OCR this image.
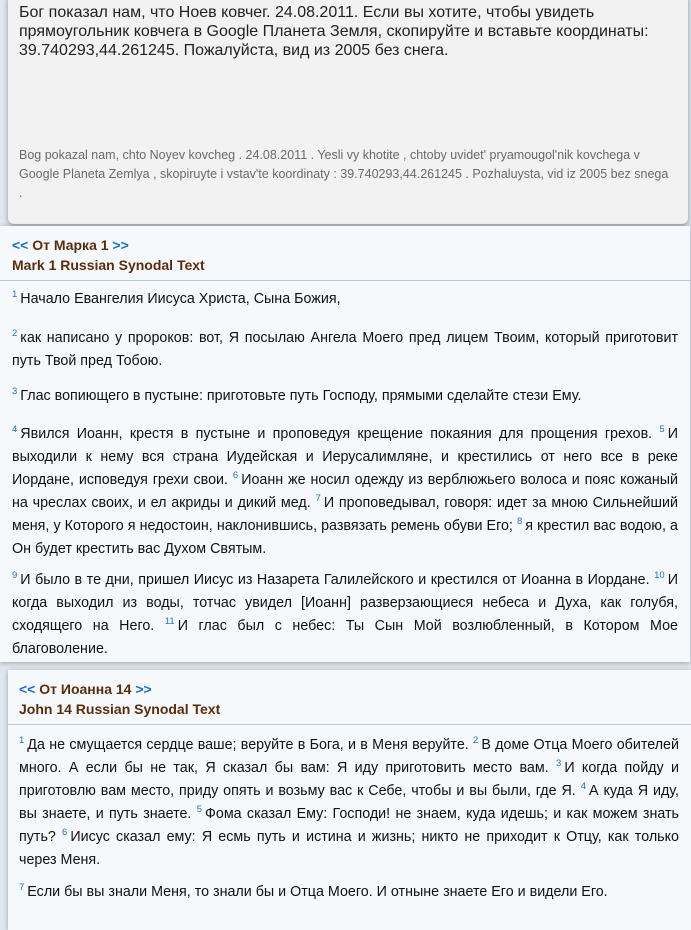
Бог показал нам, что Ноев ковчег. 24.08.2011. Если вы хотите, чтобы увидеть прямоугольник ковчега в Google Планета Земля, скопируйте и вставьте координаты: 39.740293,44.261245. Пожалуйста, вид из 2005 без снега.
Bog pokazal nam, chto Noyev kovcheg . 24.08.2011 . Yesli vy khotite , chtoby uvidet' pryamougol'nik kovchega v Google Planeta Zemlya , skopiruyte i vstav'te koordinaty : 39.740293,44.261245 . Pozhaluysta, vid iz 2005 bez snega .
<< От Марка 1 >>
Mark 1 Russian Synodal Text

$^1$ Начало Евангелия Иисуса Христа, Сына Божия,

$^2$ как написано у пророков: вот, Я посылаю Ангела Моего пред лицем Твоим, который приготовит путь Твой пред Тобою.

$^3$ Глас вопиющего в пустыне: приготовьте путь Господу, прямыми сделайте стези Ему.

$^4$ Явился Иоанн, крестя в пустыне и проповедуя крещение покаяния для прощения грехов. $^5$ И выходили к нему вся страна Иудейская и Иерусалимляне, и крестились от него все в реке Иордане, исповедуя грехи свои. $^6$ Иоанн же носил одежду из верблюжьего волоса и пояс кожаный на чреслах своих, и ел акриды и дикий мед. $^7$ И проповедывал, говоря: идет за мною Сильнейший меня, у Которого я недостоин, наклонившись, развязать ремень обуви Его; $^8$ я крестил вас водою, а Он будет крестить вас Духом Святым.

$^9$ И было в те дни, пришел Иисус из Назарета Галилейского и крестился от Иоанна в Иордане. $^{10}$ И когда выходил из воды, тотчас увидел [Иоанн] разверзающиеся небеса и Духа, как голубя, сходящего на Него. $^{11}$ И глас был с небес: Ты Сын Мой возлюбленный, в Котором Мое благоволение.

<< От Иоанна 14 >>
John 14 Russian Synodal Text

$^1$ Да не смущается сердце ваше; веруйте в Бога, и в Меня веруйте. $^2$ В доме Отца Моего обителей много. А если бы не так, Я сказал бы вам: Я иду приготовить место вам. $^3$ И когда пойду и приготовлю вам место, приду опять и возьму вас к Себе, чтобы и вы были, где Я. $^4$ А куда Я иду, вы знаете, и путь знаете. $^5$ Фома сказал Ему: Господи! не знаем, куда идешь; и как можем знать путь? $^6$ Иисус сказал ему: Я есмь путь и истина и жизнь; никто не приходит к Отцу, как только через Меня.

$^7$ Если бы вы знали Меня, то знали бы и Отца Моего. И отныне знаете Его и видели Его.
